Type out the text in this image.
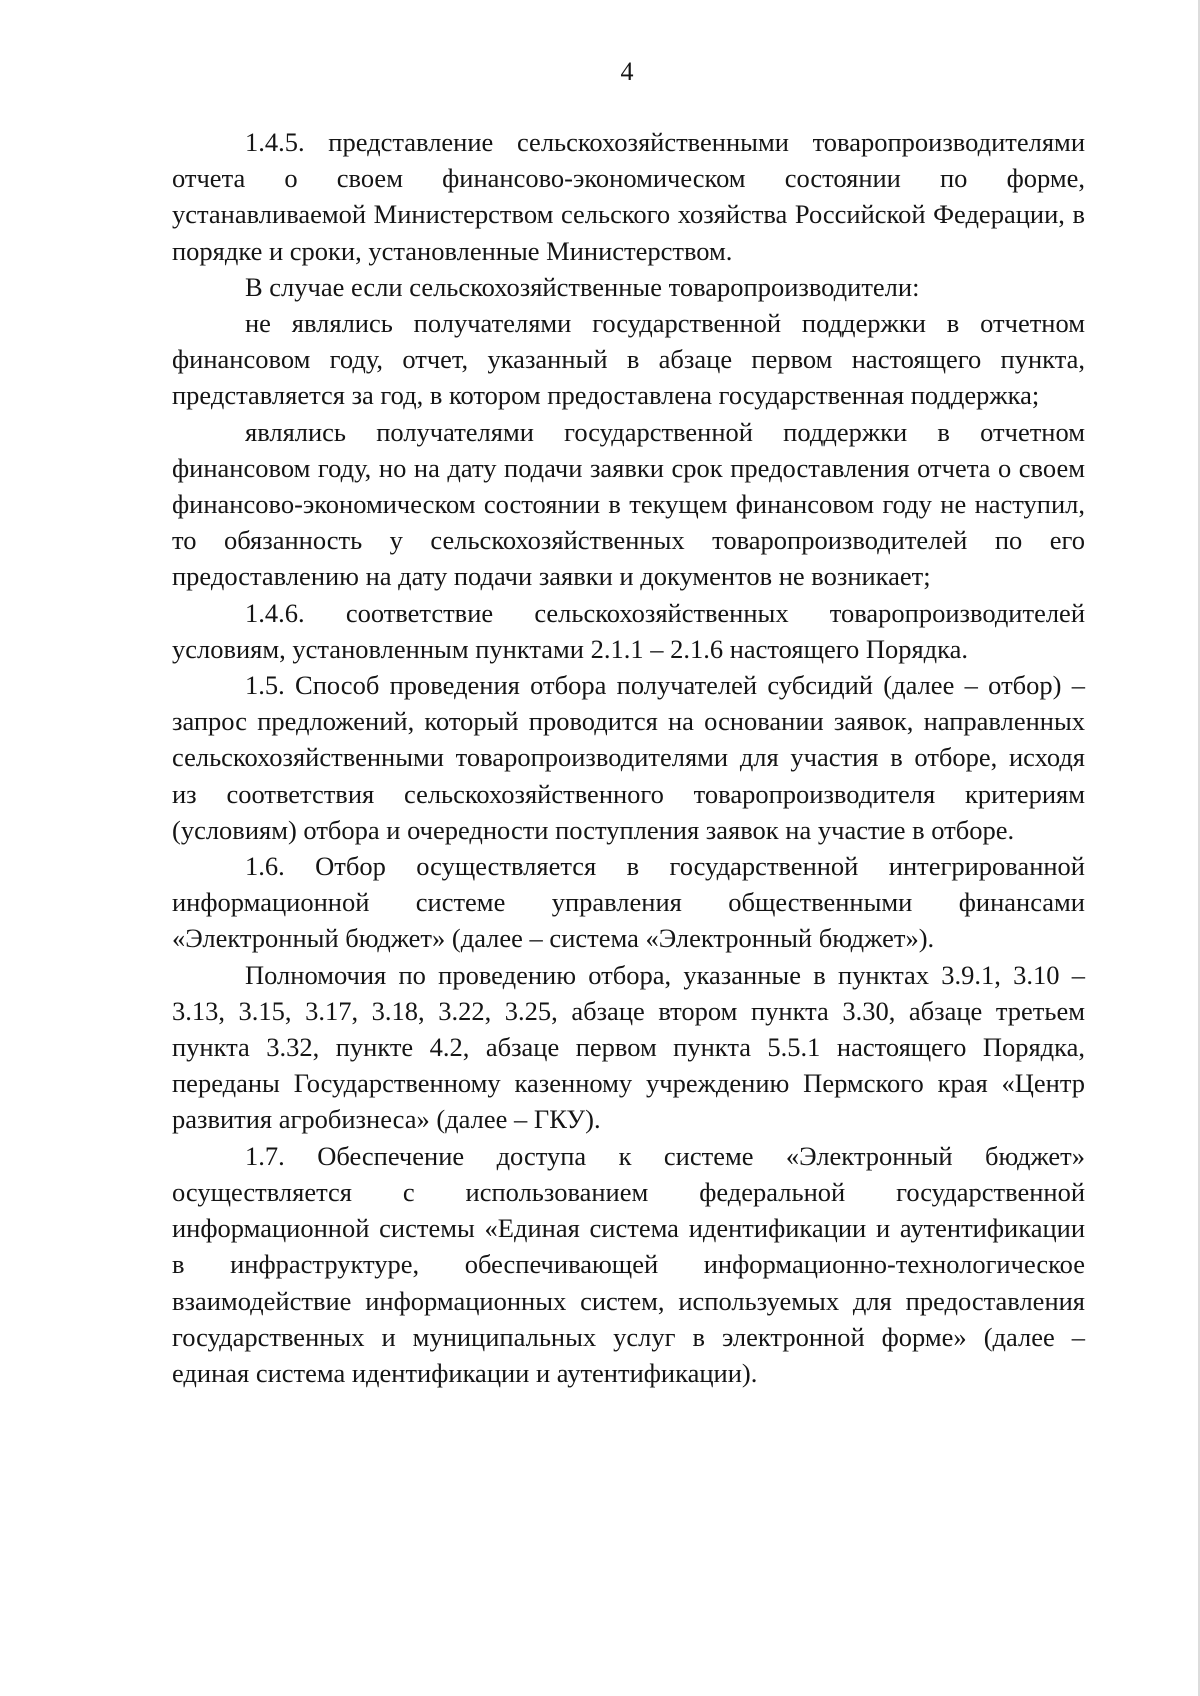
4

1.4.5. представление сельскохозяйственными товаропроизводителями отчета о своем финансово-экономическом состоянии по форме, устанавливаемой Министерством сельского хозяйства Российской Федерации, в порядке и сроки, установленные Министерством.

В случае если сельскохозяйственные товаропроизводители:

не являлись получателями государственной поддержки в отчетном финансовом году, отчет, указанный в абзаце первом настоящего пункта, представляется за год, в котором предоставлена государственная поддержка;

являлись получателями государственной поддержки в отчетном финансовом году, но на дату подачи заявки срок предоставления отчета о своем финансово-экономическом состоянии в текущем финансовом году не наступил, то обязанность у сельскохозяйственных товаропроизводителей по его предоставлению на дату подачи заявки и документов не возникает;

1.4.6. соответствие сельскохозяйственных товаропроизводителей условиям, установленным пунктами 2.1.1 – 2.1.6 настоящего Порядка.

1.5. Способ проведения отбора получателей субсидий (далее – отбор) – запрос предложений, который проводится на основании заявок, направленных сельскохозяйственными товаропроизводителями для участия в отборе, исходя из соответствия сельскохозяйственного товаропроизводителя критериям (условиям) отбора и очередности поступления заявок на участие в отборе.

1.6. Отбор осуществляется в государственной интегрированной информационной системе управления общественными финансами «Электронный бюджет» (далее – система «Электронный бюджет»).

Полномочия по проведению отбора, указанные в пунктах 3.9.1, 3.10 – 3.13, 3.15, 3.17, 3.18, 3.22, 3.25, абзаце втором пункта 3.30, абзаце третьем пункта 3.32, пункте 4.2, абзаце первом пункта 5.5.1 настоящего Порядка, переданы Государственному казенному учреждению Пермского края «Центр развития агробизнеса» (далее – ГКУ).

1.7. Обеспечение доступа к системе «Электронный бюджет» осуществляется с использованием федеральной государственной информационной системы «Единая система идентификации и аутентификации в инфраструктуре, обеспечивающей информационно-технологическое взаимодействие информационных систем, используемых для предоставления государственных и муниципальных услуг в электронной форме» (далее – единая система идентификации и аутентификации).
